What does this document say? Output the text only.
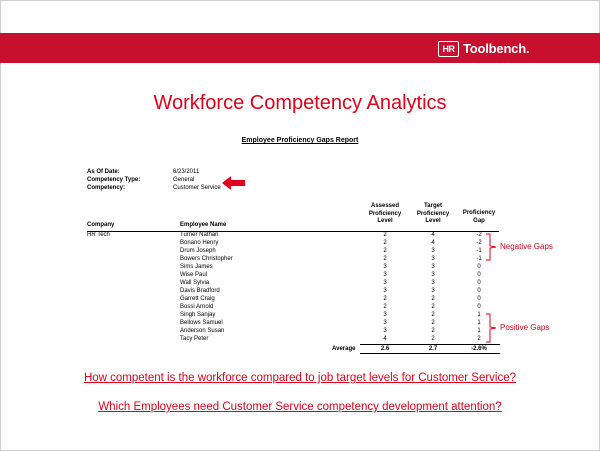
HR Toolbench.
Workforce Competency Analytics
Employee Proficiency Gaps Report
As Of Date:	6/23/2011
Competency Type:	General
Competency:	Customer Service
Company	Employee Name
Assessed
Proficiency
Level
Target
Proficiency
Level
Proficiency
Gap
HR Tech	Turner Nathan	2	4	-2
Bonano Henry	2	4	-2
Drum Joseph	2	3	-1
Bowers Christopher	2	3	-1
Sims James	3	3	0
Wise Paul	3	3	0
Wall Sylvia	3	3	0
Davis Bradford	3	3	0
Garrett Craig	2	2	0
Bossi Arnold	2	2	0
Singh Sanjay	3	2	1
Bellows Samuel	3	2	1
Anderson Susan	3	2	1
Tacy Peter	4	2	2
Average	2.6	2.7	-2.6%
Negative Gaps
Positive Gaps
How competent is the workforce compared to job target levels for Customer Service?
Which Employees need Customer Service competency development attention?
